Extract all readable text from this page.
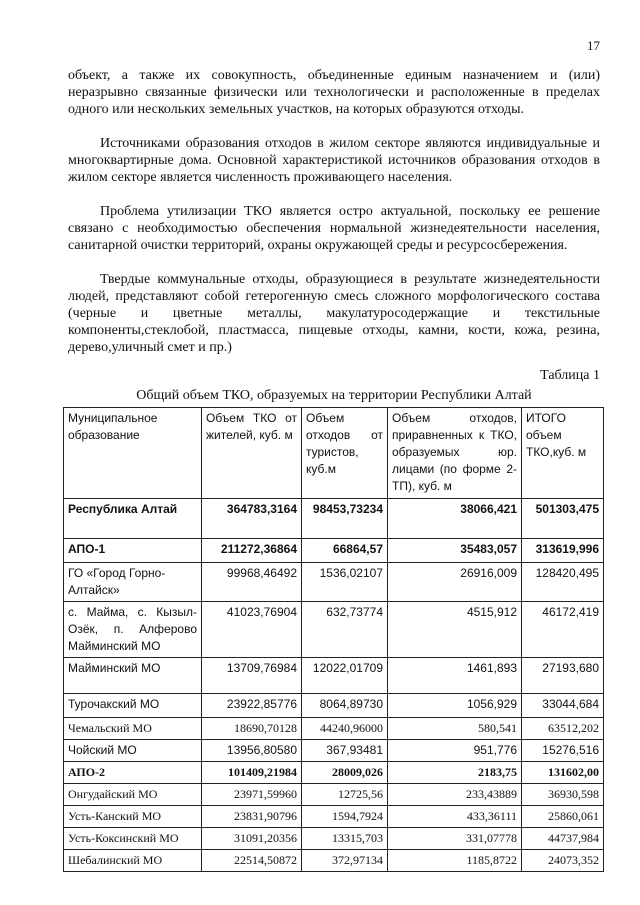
17

объект, а также их совокупность, объединенные единым назначением и (или) неразрывно связанные физически или технологически и расположенные в пределах одного или нескольких земельных участков, на которых образуются отходы.

Источниками образования отходов в жилом секторе являются индивидуальные и многоквартирные дома. Основной характеристикой источников образования отходов в жилом секторе является численность проживающего населения.

Проблема утилизации ТКО является остро актуальной, поскольку ее решение связано с необходимостью обеспечения нормальной жизнедеятельности населения, санитарной очистки территорий, охраны окружающей среды и ресурсосбережения.

Твердые коммунальные отходы, образующиеся в результате жизнедеятельности людей, представляют собой гетерогенную смесь сложного морфологического состава (черные и цветные металлы, макулатуросодержащие и текстильные компоненты,стеклобой, пластмасса, пищевые отходы, камни, кости, кожа, резина, дерево,уличный смет и пр.)

Таблица 1
Общий объем ТКО, образуемых на территории Республики Алтай
Муниципальное образование	Объем ТКО от жителей, куб. м	Объем отходов от туристов, куб.м	Объем отходов, приравненных к ТКО, образуемых юр. лицами (по форме 2-ТП), куб. м	ИТОГО объем ТКО,куб. м
Республика Алтай	364783,3164	98453,73234	38066,421	501303,475
АПО-1	211272,36864	66864,57	35483,057	313619,996
ГО «Город Горно-Алтайск»	99968,46492	1536,02107	26916,009	128420,495
с. Майма, с. Кызыл-Озёк, п. Алферово Майминский МО	41023,76904	632,73774	4515,912	46172,419
Майминский МО	13709,76984	12022,01709	1461,893	27193,680
Турочакский МО	23922,85776	8064,89730	1056,929	33044,684
Чемальский МО	18690,70128	44240,96000	580,541	63512,202
Чойский МО	13956,80580	367,93481	951,776	15276,516
АПО-2	101409,21984	28009,026	2183,75	131602,00
Онгудайский МО	23971,59960	12725,56	233,43889	36930,598
Усть-Канский МО	23831,90796	1594,7924	433,36111	25860,061
Усть-Коксинский МО	31091,20356	13315,703	331,07778	44737,984
Шебалинский МО	22514,50872	372,97134	1185,8722	24073,352
